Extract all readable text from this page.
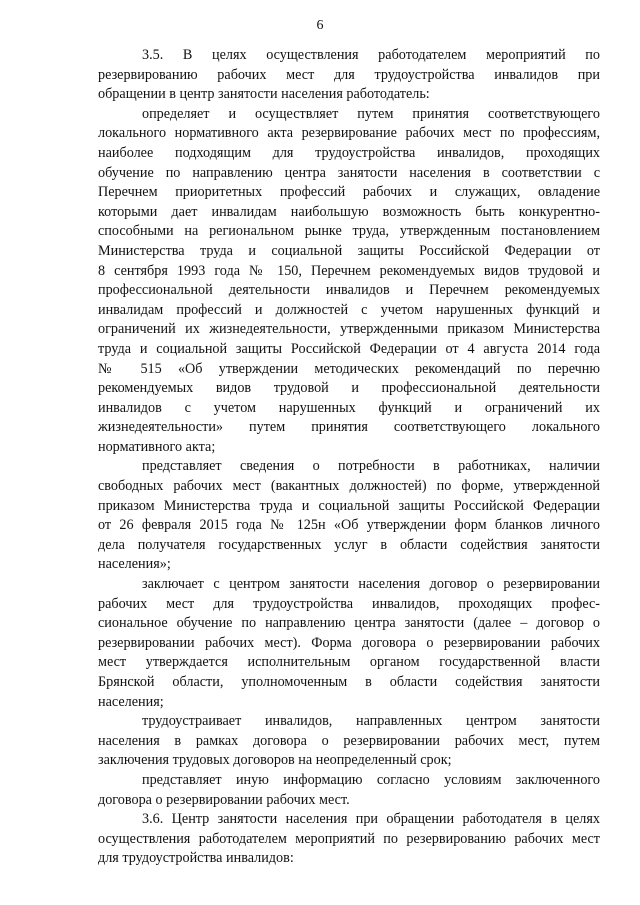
6
3.5. В целях осуществления работодателем мероприятий по
резервированию рабочих мест для трудоустройства инвалидов при
обращении в центр занятости населения работодатель:
определяет и осуществляет путем принятия соответствующего
локального нормативного акта резервирование рабочих мест по профессиям,
наиболее подходящим для трудоустройства инвалидов, проходящих
обучение по направлению центра занятости населения в соответствии с
Перечнем приоритетных профессий рабочих и служащих, овладение
которыми дает инвалидам наибольшую возможность быть конкурентно-
способными на региональном рынке труда, утвержденным постановлением
Министерства труда и социальной защиты Российской Федерации от
8 сентября 1993 года № 150, Перечнем рекомендуемых видов трудовой и
профессиональной деятельности инвалидов и Перечнем рекомендуемых
инвалидам профессий и должностей с учетом нарушенных функций и
ограничений их жизнедеятельности, утвержденными приказом Министерства
труда и социальной защиты Российской Федерации от 4 августа 2014 года
№ 515 «Об утверждении методических рекомендаций по перечню
рекомендуемых видов трудовой и профессиональной деятельности
инвалидов с учетом нарушенных функций и ограничений их
жизнедеятельности» путем принятия соответствующего локального
нормативного акта;
представляет сведения о потребности в работниках, наличии
свободных рабочих мест (вакантных должностей) по форме, утвержденной
приказом Министерства труда и социальной защиты Российской Федерации
от 26 февраля 2015 года № 125н «Об утверждении форм бланков личного
дела получателя государственных услуг в области содействия занятости
населения»;
заключает с центром занятости населения договор о резервировании
рабочих мест для трудоустройства инвалидов, проходящих профес-
сиональное обучение по направлению центра занятости (далее – договор о
резервировании рабочих мест). Форма договора о резервировании рабочих
мест утверждается исполнительным органом государственной власти
Брянской области, уполномоченным в области содействия занятости
населения;
трудоустраивает инвалидов, направленных центром занятости
населения в рамках договора о резервировании рабочих мест, путем
заключения трудовых договоров на неопределенный срок;
представляет иную информацию согласно условиям заключенного
договора о резервировании рабочих мест.
3.6. Центр занятости населения при обращении работодателя в целях
осуществления работодателем мероприятий по резервированию рабочих мест
для трудоустройства инвалидов:
